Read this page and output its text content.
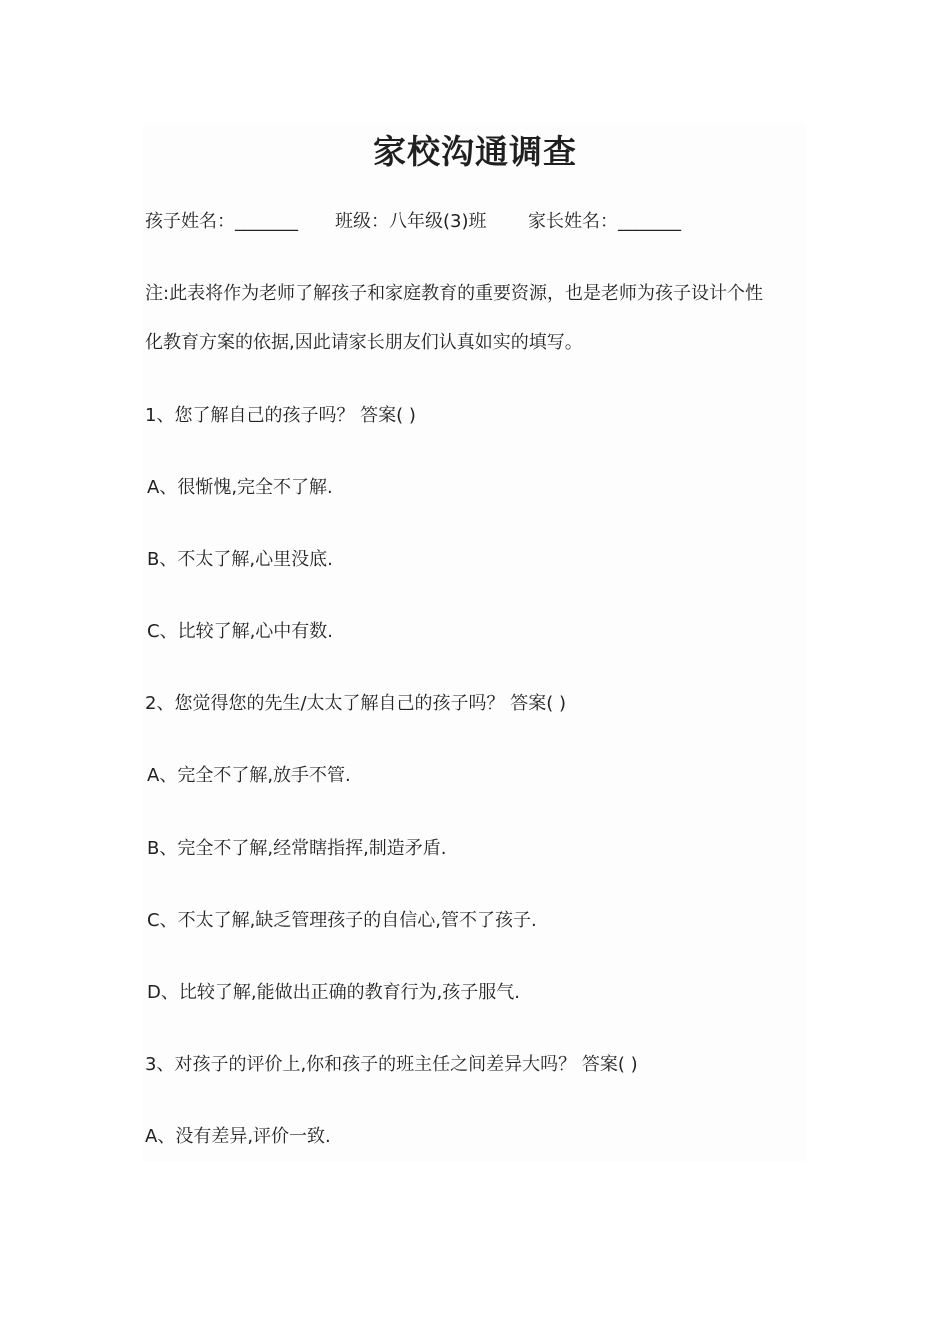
家校沟通调查
孩子姓名：_______ 班级：八年级(3)班 家长姓名：_______
注:此表将作为老师了解孩子和家庭教育的重要资源，也是老师为孩子设计个性
化教育方案的依据,因此请家长朋友们认真如实的填写。
1、您了解自己的孩子吗？ 答案( )
A、很惭愧,完全不了解.
B、不太了解,心里没底.
C、比较了解,心中有数.
2、您觉得您的先生/太太了解自己的孩子吗？ 答案( )
A、完全不了解,放手不管.
B、完全不了解,经常瞎指挥,制造矛盾.
C、不太了解,缺乏管理孩子的自信心,管不了孩子.
D、比较了解,能做出正确的教育行为,孩子服气.
3、对孩子的评价上,你和孩子的班主任之间差异大吗？ 答案( )
A、没有差异,评价一致.
